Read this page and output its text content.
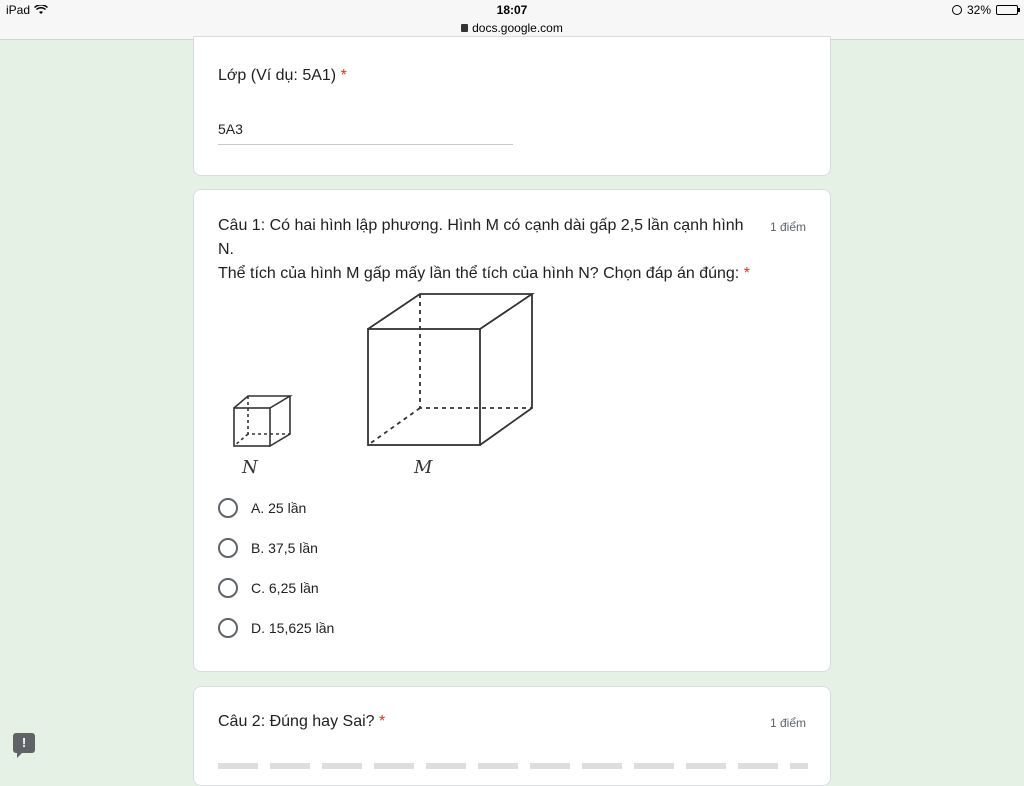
iPad	18:07
docs.google.com
32%
Lớp (Ví dụ: 5A1) *
5A3
Câu 1: Có hai hình lập phương. Hình M có cạnh dài gấp 2,5 lần cạnh hình N.
Thể tích của hình M gấp mấy lần thể tích của hình N? Chọn đáp án đúng: *
1 điểm
N	M
A. 25 lần
B. 37,5 lần
C. 6,25 lần
D. 15,625 lần
Câu 2: Đúng hay Sai? *	1 điểm
!
